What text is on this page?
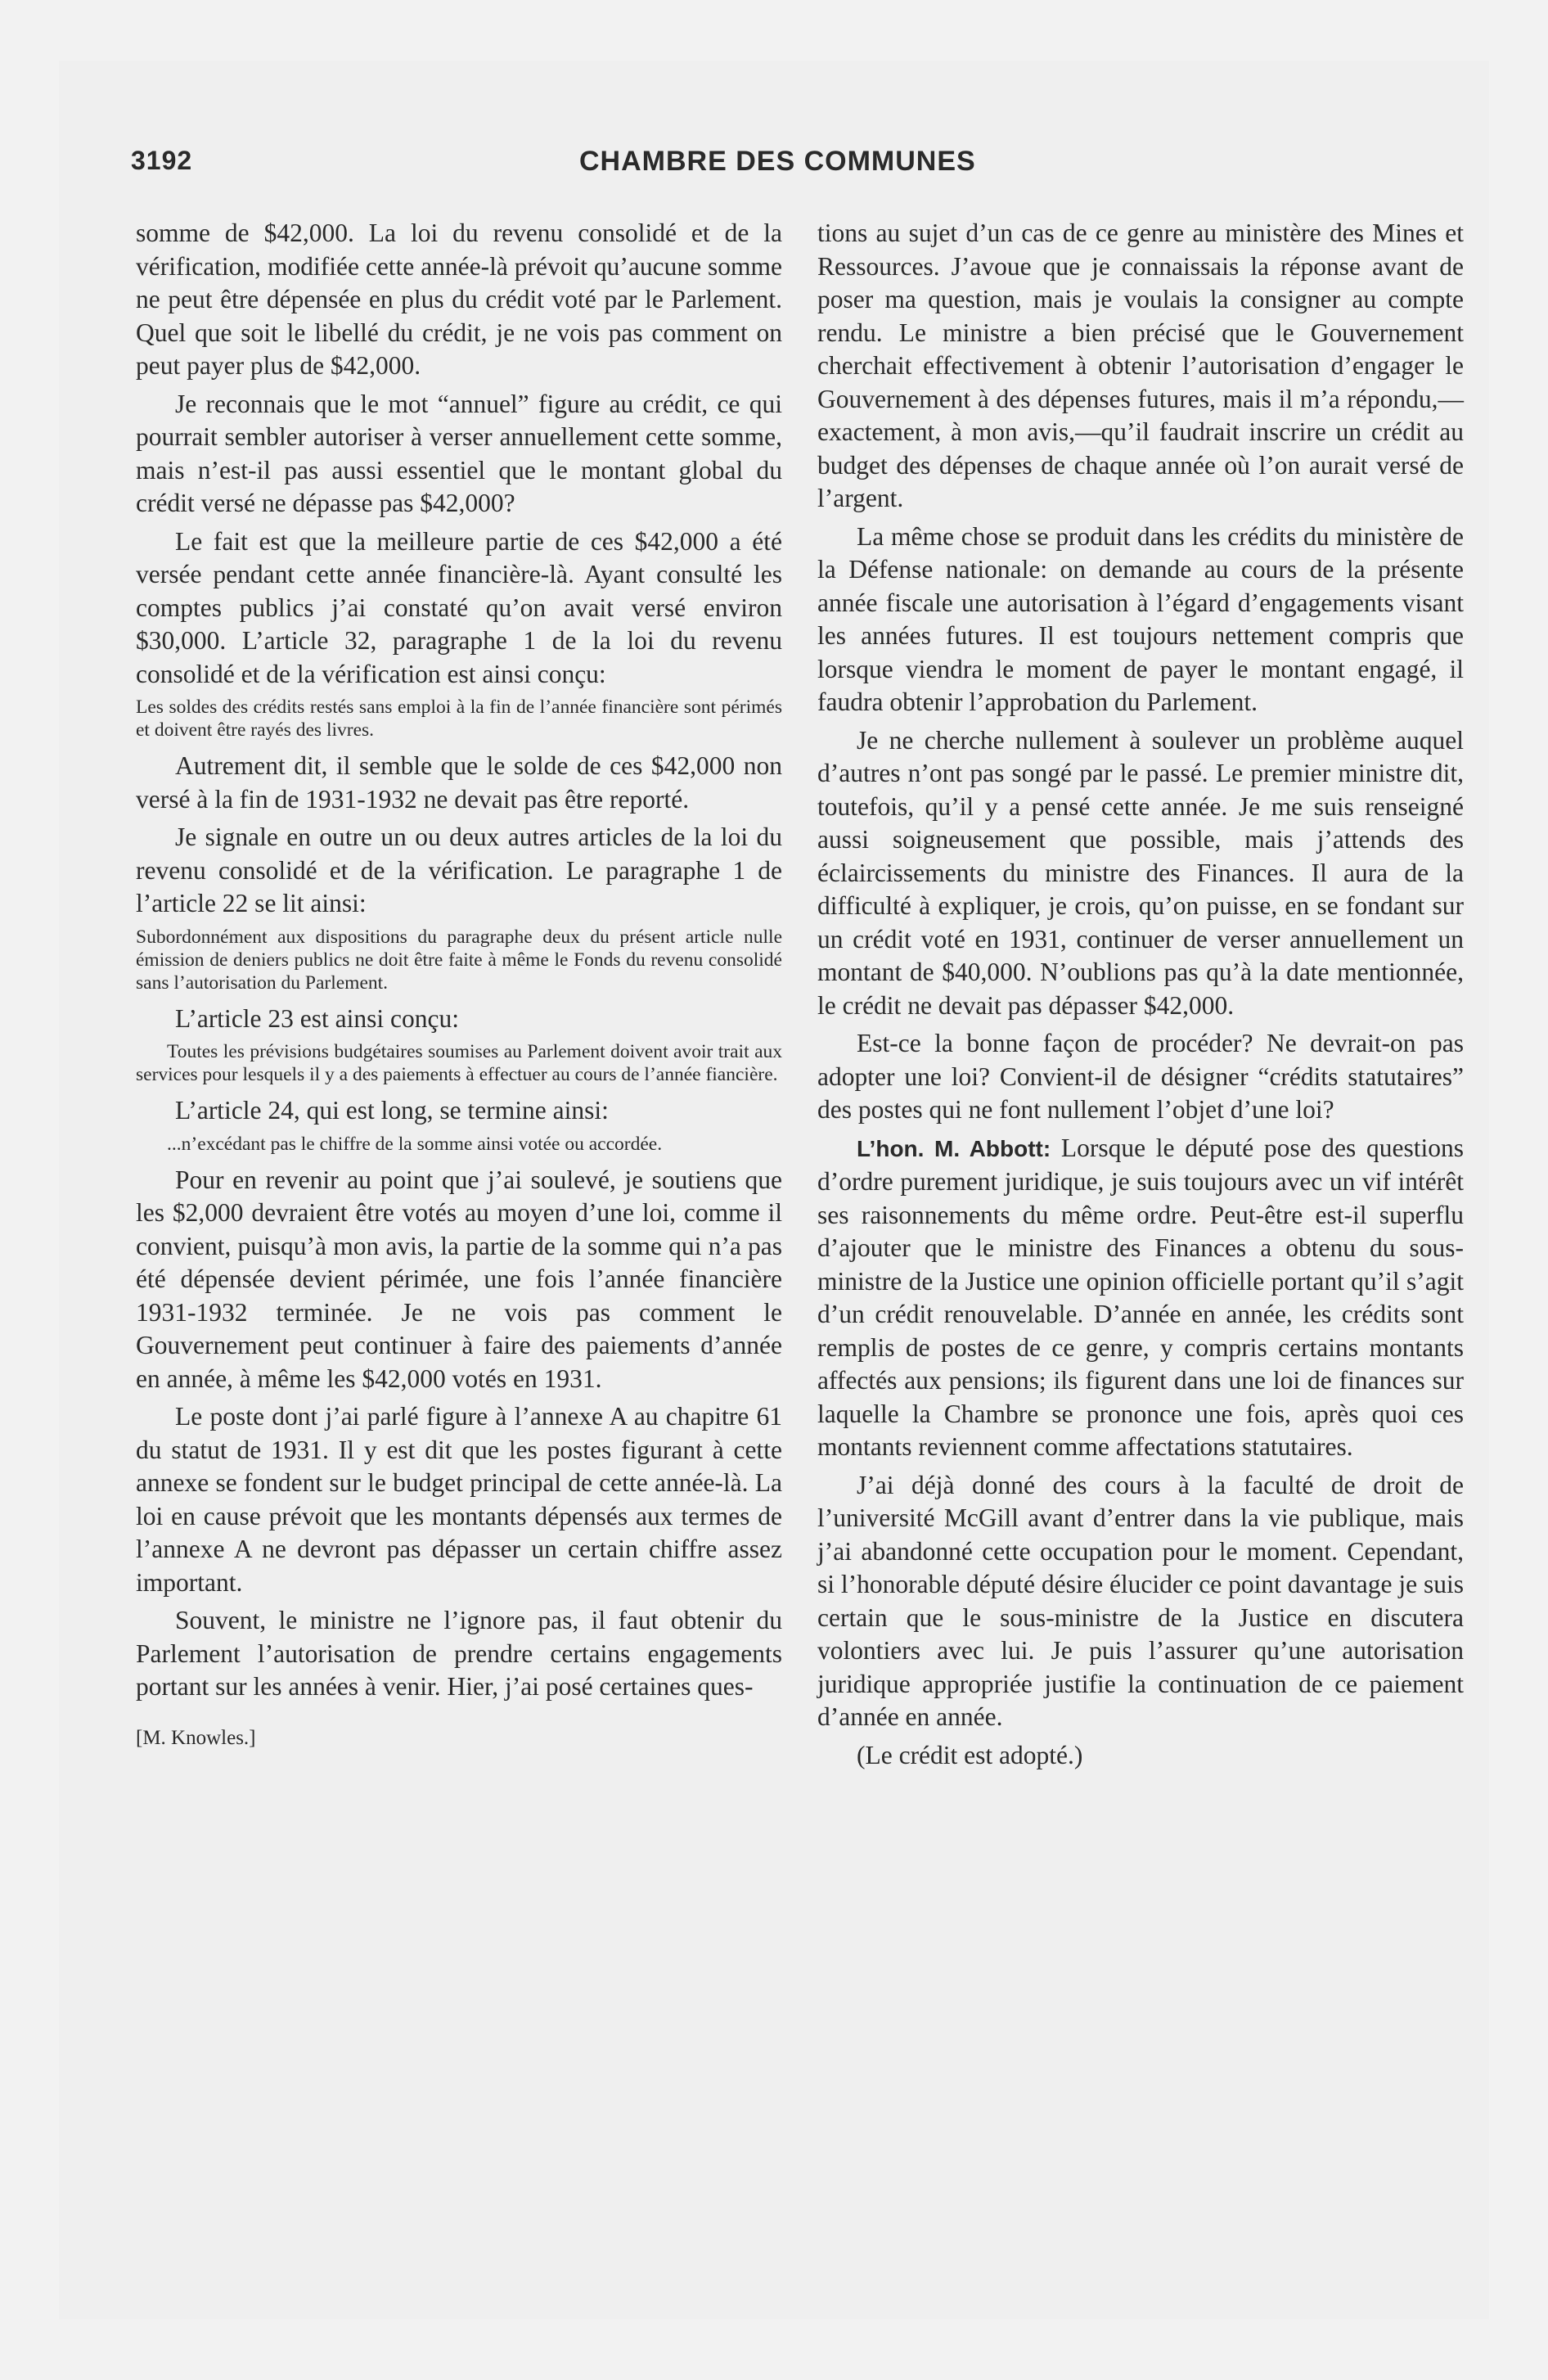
3192	CHAMBRE DES COMMUNES

somme de $42,000. La loi du revenu consolidé et de la vérification, modifiée cette année-là prévoit qu’aucune somme ne peut être dépensée en plus du crédit voté par le Parlement. Quel que soit le libellé du crédit, je ne vois pas comment on peut payer plus de $42,000.

Je reconnais que le mot “annuel” figure au crédit, ce qui pourrait sembler autoriser à verser annuellement cette somme, mais n’est-il pas aussi essentiel que le montant global du crédit versé ne dépasse pas $42,000?

Le fait est que la meilleure partie de ces $42,000 a été versée pendant cette année financière-là. Ayant consulté les comptes publics j’ai constaté qu’on avait versé environ $30,000. L’article 32, paragraphe 1 de la loi du revenu consolidé et de la vérification est ainsi conçu:

Les soldes des crédits restés sans emploi à la fin de l’année financière sont périmés et doivent être rayés des livres.

Autrement dit, il semble que le solde de ces $42,000 non versé à la fin de 1931-1932 ne devait pas être reporté.

Je signale en outre un ou deux autres articles de la loi du revenu consolidé et de la vérification. Le paragraphe 1 de l’article 22 se lit ainsi:

Subordonnément aux dispositions du paragraphe deux du présent article nulle émission de deniers publics ne doit être faite à même le Fonds du revenu consolidé sans l’autorisation du Parlement.

L’article 23 est ainsi conçu:

Toutes les prévisions budgétaires soumises au Parlement doivent avoir trait aux services pour lesquels il y a des paiements à effectuer au cours de l’année fiancière.

L’article 24, qui est long, se termine ainsi:

...n’excédant pas le chiffre de la somme ainsi votée ou accordée.

Pour en revenir au point que j’ai soulevé, je soutiens que les $2,000 devraient être votés au moyen d’une loi, comme il convient, puisqu’à mon avis, la partie de la somme qui n’a pas été dépensée devient périmée, une fois l’année financière 1931-1932 terminée. Je ne vois pas comment le Gouvernement peut continuer à faire des paiements d’année en année, à même les $42,000 votés en 1931.

Le poste dont j’ai parlé figure à l’annexe A au chapitre 61 du statut de 1931. Il y est dit que les postes figurant à cette annexe se fondent sur le budget principal de cette année-là. La loi en cause prévoit que les montants dépensés aux termes de l’annexe A ne devront pas dépasser un certain chiffre assez important.

Souvent, le ministre ne l’ignore pas, il faut obtenir du Parlement l’autorisation de prendre certains engagements portant sur les années à venir. Hier, j’ai posé certaines ques-

[M. Knowles.]

tions au sujet d’un cas de ce genre au ministère des Mines et Ressources. J’avoue que je connaissais la réponse avant de poser ma question, mais je voulais la consigner au compte rendu. Le ministre a bien précisé que le Gouvernement cherchait effectivement à obtenir l’autorisation d’engager le Gouvernement à des dépenses futures, mais il m’a répondu,—exactement, à mon avis,—qu’il faudrait inscrire un crédit au budget des dépenses de chaque année où l’on aurait versé de l’argent.

La même chose se produit dans les crédits du ministère de la Défense nationale: on demande au cours de la présente année fiscale une autorisation à l’égard d’engagements visant les années futures. Il est toujours nettement compris que lorsque viendra le moment de payer le montant engagé, il faudra obtenir l’approbation du Parlement.

Je ne cherche nullement à soulever un problème auquel d’autres n’ont pas songé par le passé. Le premier ministre dit, toutefois, qu’il y a pensé cette année. Je me suis renseigné aussi soigneusement que possible, mais j’attends des éclaircissements du ministre des Finances. Il aura de la difficulté à expliquer, je crois, qu’on puisse, en se fondant sur un crédit voté en 1931, continuer de verser annuellement un montant de $40,000. N’oublions pas qu’à la date mentionnée, le crédit ne devait pas dépasser $42,000.

Est-ce la bonne façon de procéder? Ne devrait-on pas adopter une loi? Convient-il de désigner “crédits statutaires” des postes qui ne font nullement l’objet d’une loi?

L’hon. M. Abbott: Lorsque le député pose des questions d’ordre purement juridique, je suis toujours avec un vif intérêt ses raisonnements du même ordre. Peut-être est-il superflu d’ajouter que le ministre des Finances a obtenu du sous-ministre de la Justice une opinion officielle portant qu’il s’agit d’un crédit renouvelable. D’année en année, les crédits sont remplis de postes de ce genre, y compris certains montants affectés aux pensions; ils figurent dans une loi de finances sur laquelle la Chambre se prononce une fois, après quoi ces montants reviennent comme affectations statutaires.

J’ai déjà donné des cours à la faculté de droit de l’université McGill avant d’entrer dans la vie publique, mais j’ai abandonné cette occupation pour le moment. Cependant, si l’honorable député désire élucider ce point davantage je suis certain que le sous-ministre de la Justice en discutera volontiers avec lui. Je puis l’assurer qu’une autorisation juridique appropriée justifie la continuation de ce paiement d’année en année.

(Le crédit est adopté.)
